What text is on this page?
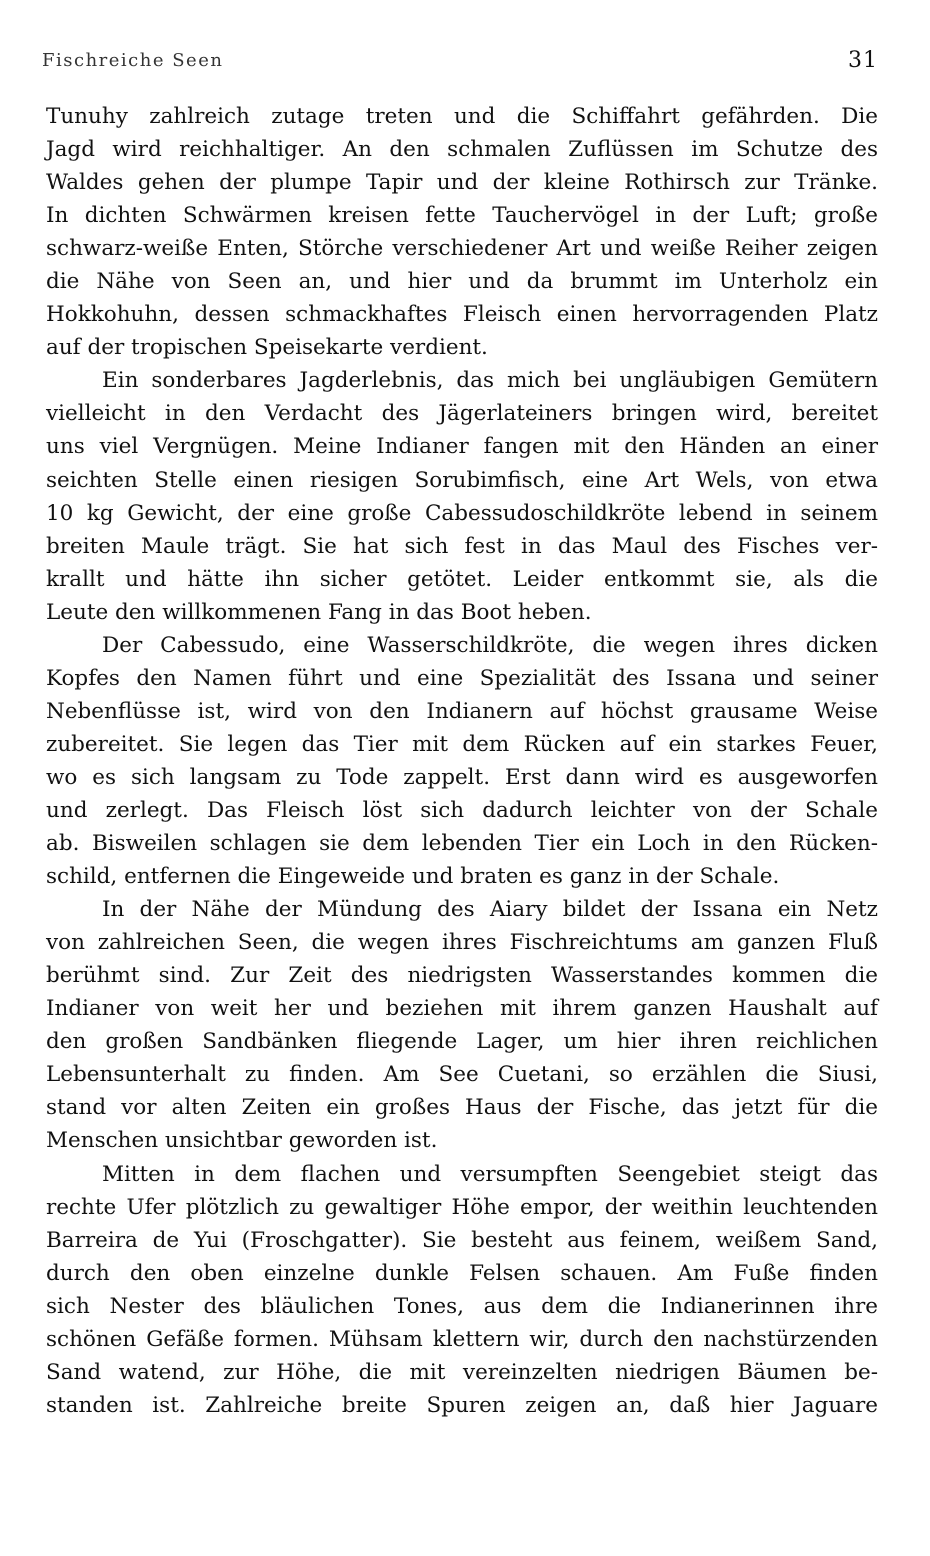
Fischreiche Seen	31
Tunuhy zahlreich zutage treten und die Schiffahrt gefährden. Die
Jagd wird reichhaltiger. An den schmalen Zuflüssen im Schutze des
Waldes gehen der plumpe Tapir und der kleine Rothirsch zur Tränke.
In dichten Schwärmen kreisen fette Tauchervögel in der Luft; große
schwarz-weiße Enten, Störche verschiedener Art und weiße Reiher zeigen
die Nähe von Seen an, und hier und da brummt im Unterholz ein
Hokkohuhn, dessen schmackhaftes Fleisch einen hervorragenden Platz
auf der tropischen Speisekarte verdient.
Ein sonderbares Jagderlebnis, das mich bei ungläubigen Gemütern
vielleicht in den Verdacht des Jägerlateiners bringen wird, bereitet
uns viel Vergnügen. Meine Indianer fangen mit den Händen an einer
seichten Stelle einen riesigen Sorubimfisch, eine Art Wels, von etwa
10 kg Gewicht, der eine große Cabessudoschildkröte lebend in seinem
breiten Maule trägt. Sie hat sich fest in das Maul des Fisches ver-
krallt und hätte ihn sicher getötet. Leider entkommt sie, als die
Leute den willkommenen Fang in das Boot heben.
Der Cabessudo, eine Wasserschildkröte, die wegen ihres dicken
Kopfes den Namen führt und eine Spezialität des Issana und seiner
Nebenflüsse ist, wird von den Indianern auf höchst grausame Weise
zubereitet. Sie legen das Tier mit dem Rücken auf ein starkes Feuer,
wo es sich langsam zu Tode zappelt. Erst dann wird es ausgeworfen
und zerlegt. Das Fleisch löst sich dadurch leichter von der Schale
ab. Bisweilen schlagen sie dem lebenden Tier ein Loch in den Rücken-
schild, entfernen die Eingeweide und braten es ganz in der Schale.
In der Nähe der Mündung des Aiary bildet der Issana ein Netz
von zahlreichen Seen, die wegen ihres Fischreichtums am ganzen Fluß
berühmt sind. Zur Zeit des niedrigsten Wasserstandes kommen die
Indianer von weit her und beziehen mit ihrem ganzen Haushalt auf
den großen Sandbänken fliegende Lager, um hier ihren reichlichen
Lebensunterhalt zu finden. Am See Cuetani, so erzählen die Siusi,
stand vor alten Zeiten ein großes Haus der Fische, das jetzt für die
Menschen unsichtbar geworden ist.
Mitten in dem flachen und versumpften Seengebiet steigt das
rechte Ufer plötzlich zu gewaltiger Höhe empor, der weithin leuchtenden
Barreira de Yui (Froschgatter). Sie besteht aus feinem, weißem Sand,
durch den oben einzelne dunkle Felsen schauen. Am Fuße finden
sich Nester des bläulichen Tones, aus dem die Indianerinnen ihre
schönen Gefäße formen. Mühsam klettern wir, durch den nachstürzenden
Sand watend, zur Höhe, die mit vereinzelten niedrigen Bäumen be-
standen ist. Zahlreiche breite Spuren zeigen an, daß hier Jaguare
